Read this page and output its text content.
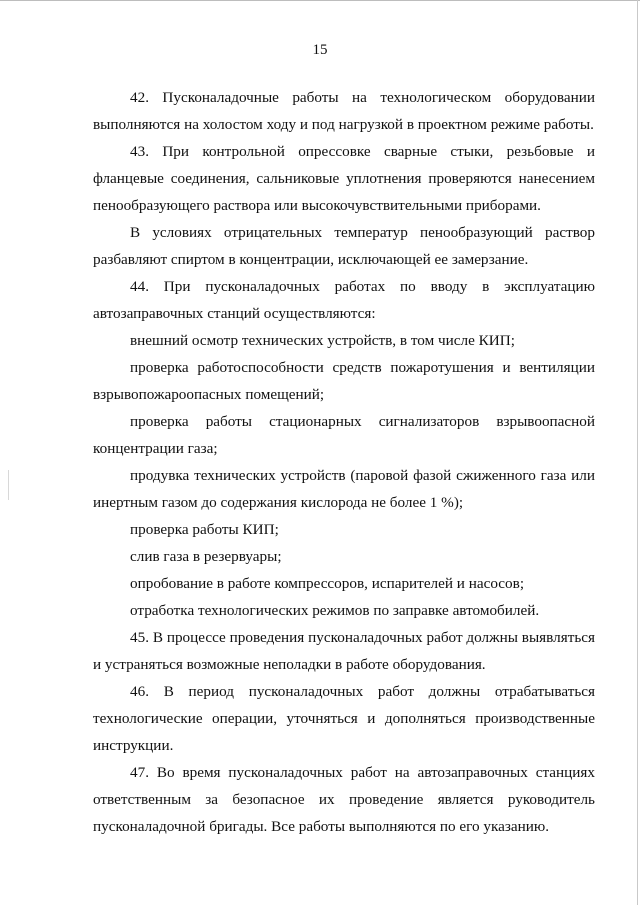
15

42. Пусконаладочные работы на технологическом оборудовании выполняются на холостом ходу и под нагрузкой в проектном режиме работы.

43. При контрольной опрессовке сварные стыки, резьбовые и фланцевые соединения, сальниковые уплотнения проверяются нанесением пенообразующего раствора или высокочувствительными приборами.

В условиях отрицательных температур пенообразующий раствор разбавляют спиртом в концентрации, исключающей ее замерзание.

44. При пусконаладочных работах по вводу в эксплуатацию автозаправочных станций осуществляются:

внешний осмотр технических устройств, в том числе КИП;

проверка работоспособности средств пожаротушения и вентиляции взрывопожароопасных помещений;

проверка работы стационарных сигнализаторов взрывоопасной концентрации газа;

продувка технических устройств (паровой фазой сжиженного газа или инертным газом до содержания кислорода не более 1 %);

проверка работы КИП;

слив газа в резервуары;

опробование в работе компрессоров, испарителей и насосов;

отработка технологических режимов по заправке автомобилей.

45. В процессе проведения пусконаладочных работ должны выявляться и устраняться возможные неполадки в работе оборудования.

46. В период пусконаладочных работ должны отрабатываться технологические операции, уточняться и дополняться производственные инструкции.

47. Во время пусконаладочных работ на автозаправочных станциях ответственным за безопасное их проведение является руководитель пусконаладочной бригады. Все работы выполняются по его указанию.
